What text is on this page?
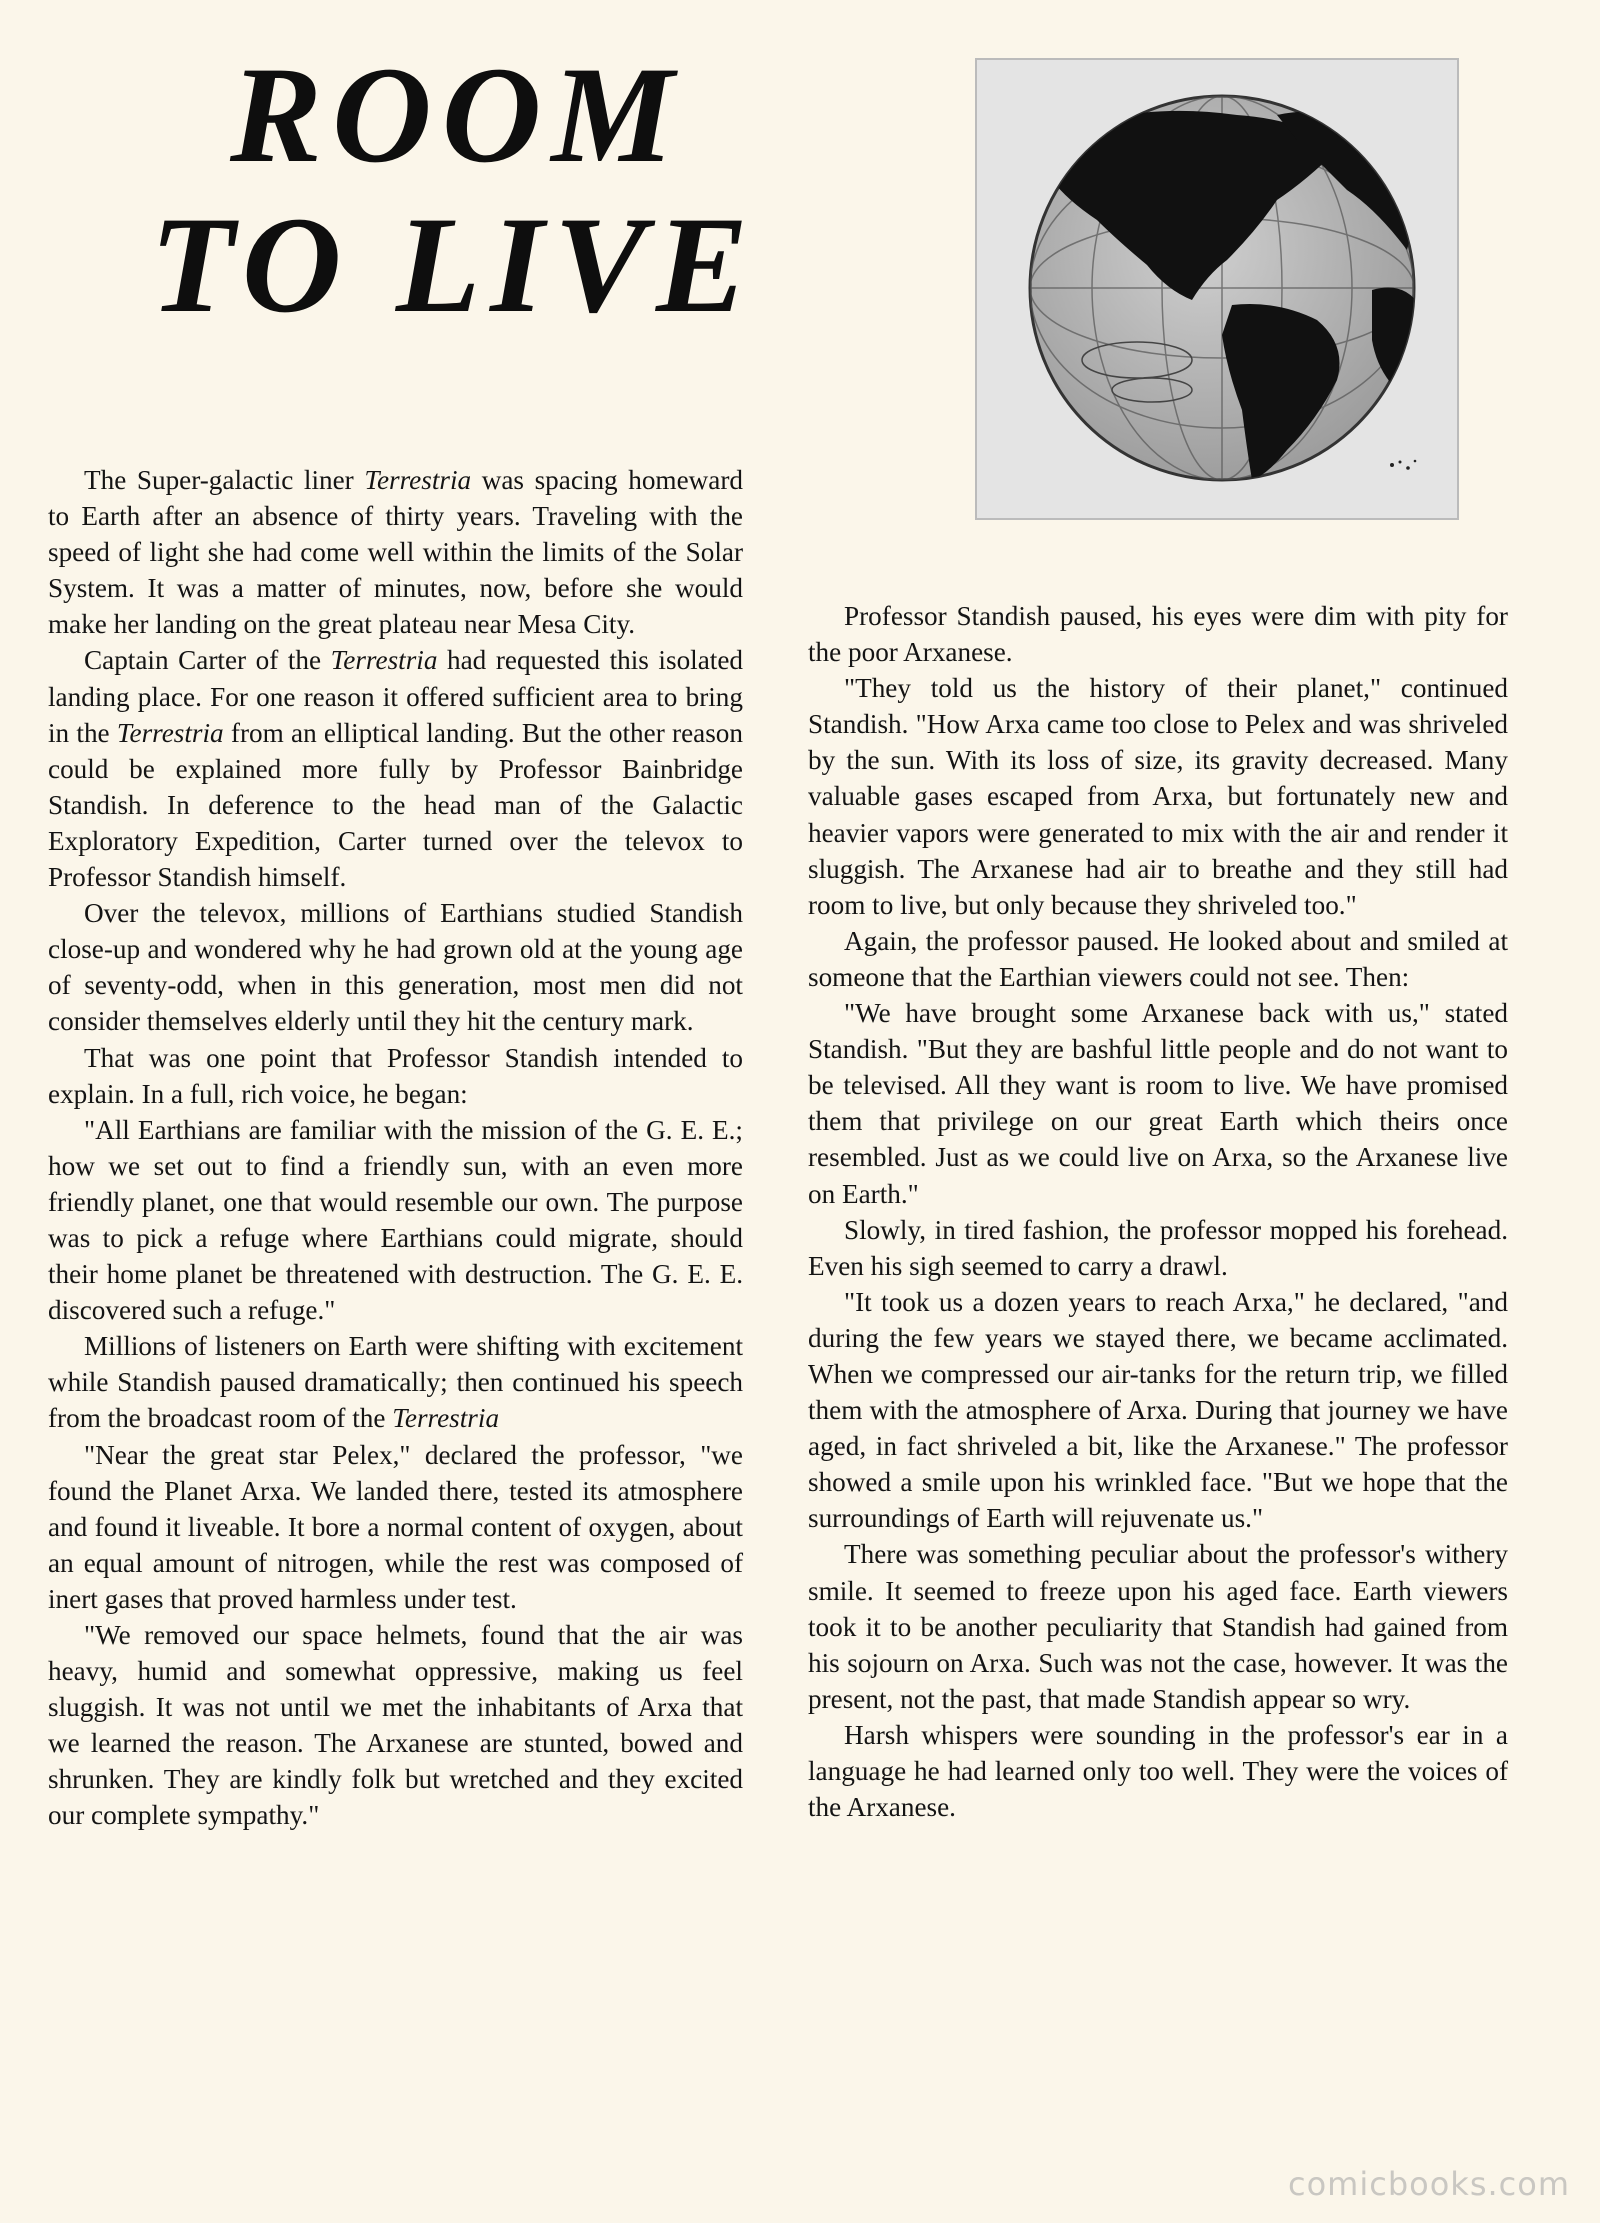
ROOM
TO LIVE

The Super-galactic liner Terrestria was spacing homeward to Earth after an absence of thirty years. Traveling with the speed of light she had come well within the limits of the Solar System. It was a matter of minutes, now, before she would make her landing on the great plateau near Mesa City.

Captain Carter of the Terrestria had requested this isolated landing place. For one reason it offered sufficient area to bring in the Terrestria from an elliptical landing. But the other reason could be explained more fully by Professor Bainbridge Standish. In deference to the head man of the Galactic Exploratory Expedition, Carter turned over the televox to Professor Standish himself.

Over the televox, millions of Earthians studied Standish close-up and wondered why he had grown old at the young age of seventy-odd, when in this generation, most men did not consider themselves elderly until they hit the century mark.

That was one point that Professor Standish intended to explain. In a full, rich voice, he began:

"All Earthians are familiar with the mission of the G. E. E.; how we set out to find a friendly sun, with an even more friendly planet, one that would resemble our own. The purpose was to pick a refuge where Earthians could migrate, should their home planet be threatened with destruction. The G. E. E. discovered such a refuge."

Millions of listeners on Earth were shifting with excitement while Standish paused dramatically; then continued his speech from the broadcast room of the Terrestria

"Near the great star Pelex," declared the professor, "we found the Planet Arxa. We landed there, tested its atmosphere and found it liveable. It bore a normal content of oxygen, about an equal amount of nitrogen, while the rest was composed of inert gases that proved harmless under test.

"We removed our space helmets, found that the air was heavy, humid and somewhat oppressive, making us feel sluggish. It was not until we met the inhabitants of Arxa that we learned the reason. The Arxanese are stunted, bowed and shrunken. They are kindly folk but wretched and they excited our complete sympathy."

Professor Standish paused, his eyes were dim with pity for the poor Arxanese.

"They told us the history of their planet," continued Standish. "How Arxa came too close to Pelex and was shriveled by the sun. With its loss of size, its gravity decreased. Many valuable gases escaped from Arxa, but fortunately new and heavier vapors were generated to mix with the air and render it sluggish. The Arxanese had air to breathe and they still had room to live, but only because they shriveled too."

Again, the professor paused. He looked about and smiled at someone that the Earthian viewers could not see. Then:

"We have brought some Arxanese back with us," stated Standish. "But they are bashful little people and do not want to be televised. All they want is room to live. We have promised them that privilege on our great Earth which theirs once resembled. Just as we could live on Arxa, so the Arxanese live on Earth."

Slowly, in tired fashion, the professor mopped his forehead. Even his sigh seemed to carry a drawl.

"It took us a dozen years to reach Arxa," he declared, "and during the few years we stayed there, we became acclimated. When we compressed our air-tanks for the return trip, we filled them with the atmosphere of Arxa. During that journey we have aged, in fact shriveled a bit, like the Arxanese." The professor showed a smile upon his wrinkled face. "But we hope that the surroundings of Earth will rejuvenate us."

There was something peculiar about the professor's withery smile. It seemed to freeze upon his aged face. Earth viewers took it to be another peculiarity that Standish had gained from his sojourn on Arxa. Such was not the case, however. It was the present, not the past, that made Standish appear so wry.

Harsh whispers were sounding in the professor's ear in a language he had learned only too well. They were the voices of the Arxanese.

comicbooks.com
